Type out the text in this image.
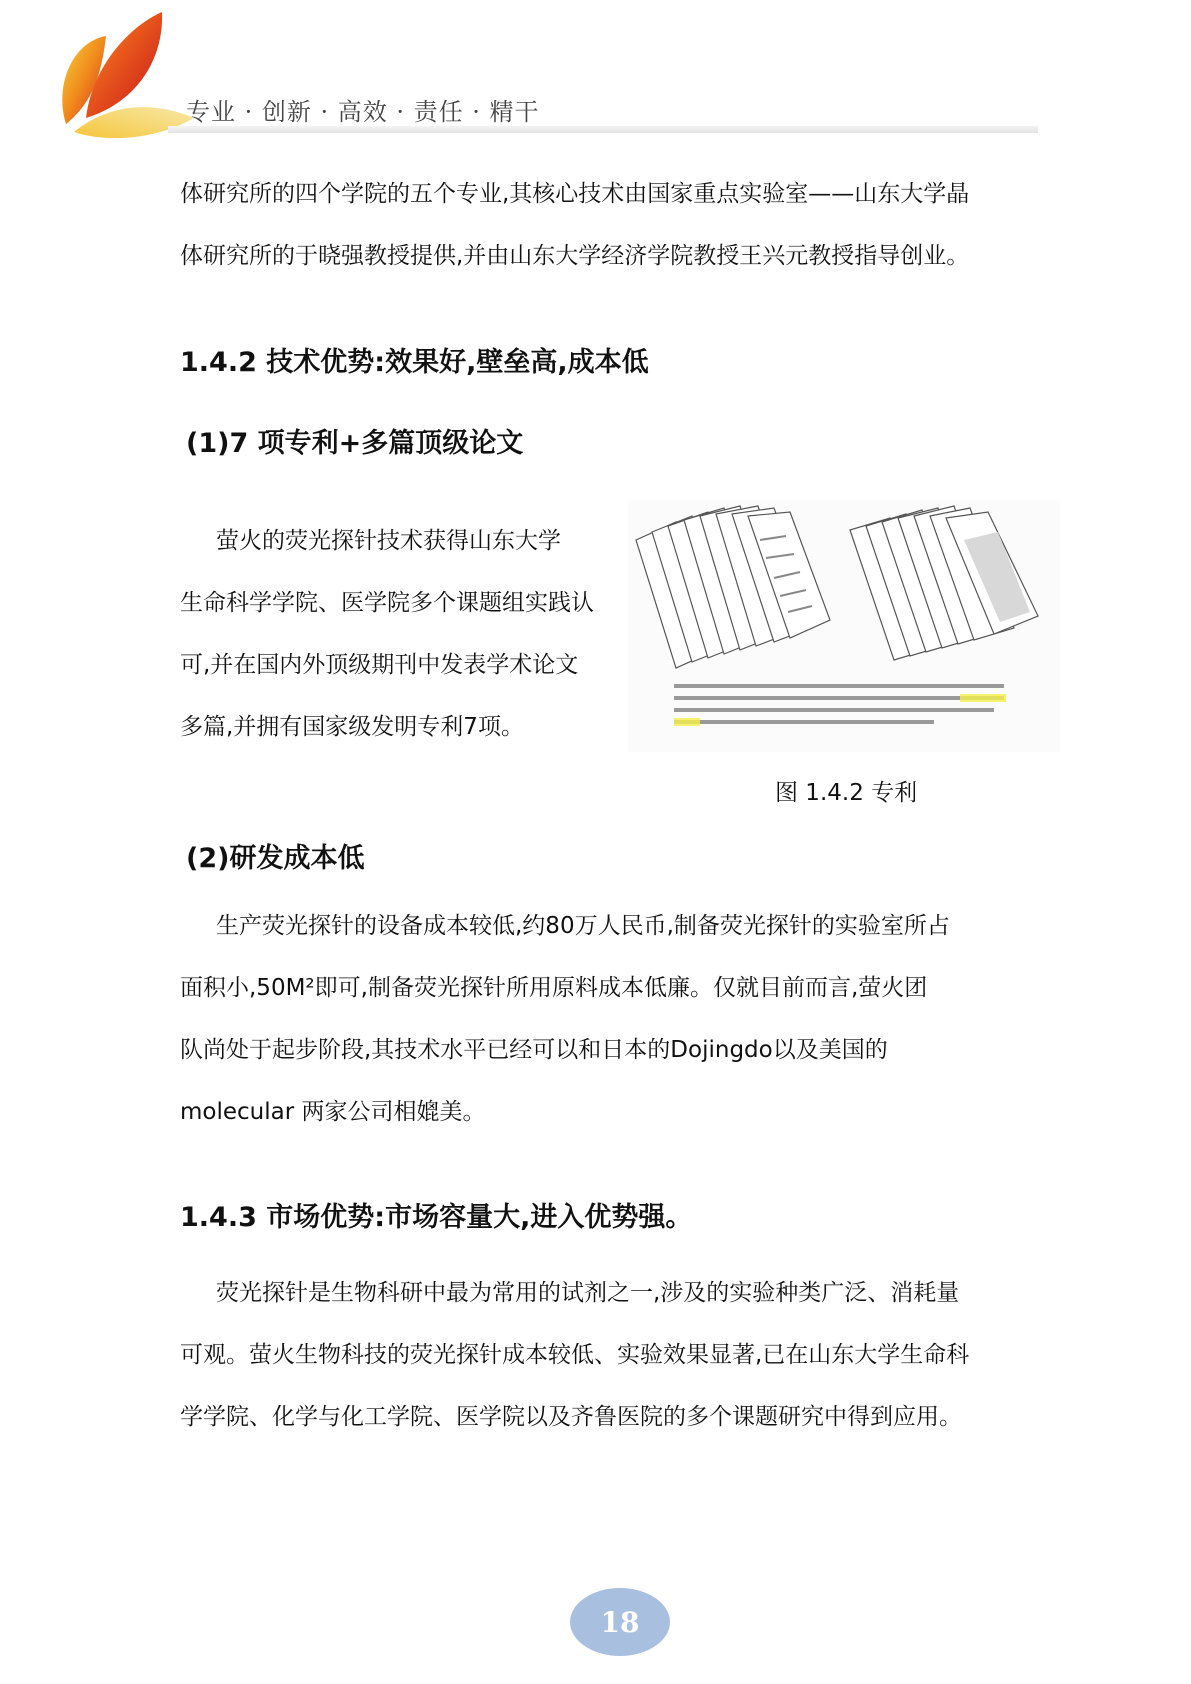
专业 · 创新 · 高效 · 责任 · 精干
体研究所的四个学院的五个专业,其核心技术由国家重点实验室——山东大学晶
体研究所的于晓强教授提供,并由山东大学经济学院教授王兴元教授指导创业。
1.4.2 技术优势:效果好,壁垒高,成本低
(1)7 项专利+多篇顶级论文
萤火的荧光探针技术获得山东大学
生命科学学院、医学院多个课题组实践认
可,并在国内外顶级期刊中发表学术论文
多篇,并拥有国家级发明专利7项。
图 1.4.2 专利
(2)研发成本低
生产荧光探针的设备成本较低,约80万人民币,制备荧光探针的实验室所占
面积小,50M²即可,制备荧光探针所用原料成本低廉。仅就目前而言,萤火团
队尚处于起步阶段,其技术水平已经可以和日本的Dojingdo以及美国的
molecular 两家公司相媲美。
1.4.3 市场优势:市场容量大,进入优势强。
荧光探针是生物科研中最为常用的试剂之一,涉及的实验种类广泛、消耗量
可观。萤火生物科技的荧光探针成本较低、实验效果显著,已在山东大学生命科
学学院、化学与化工学院、医学院以及齐鲁医院的多个课题研究中得到应用。
18
